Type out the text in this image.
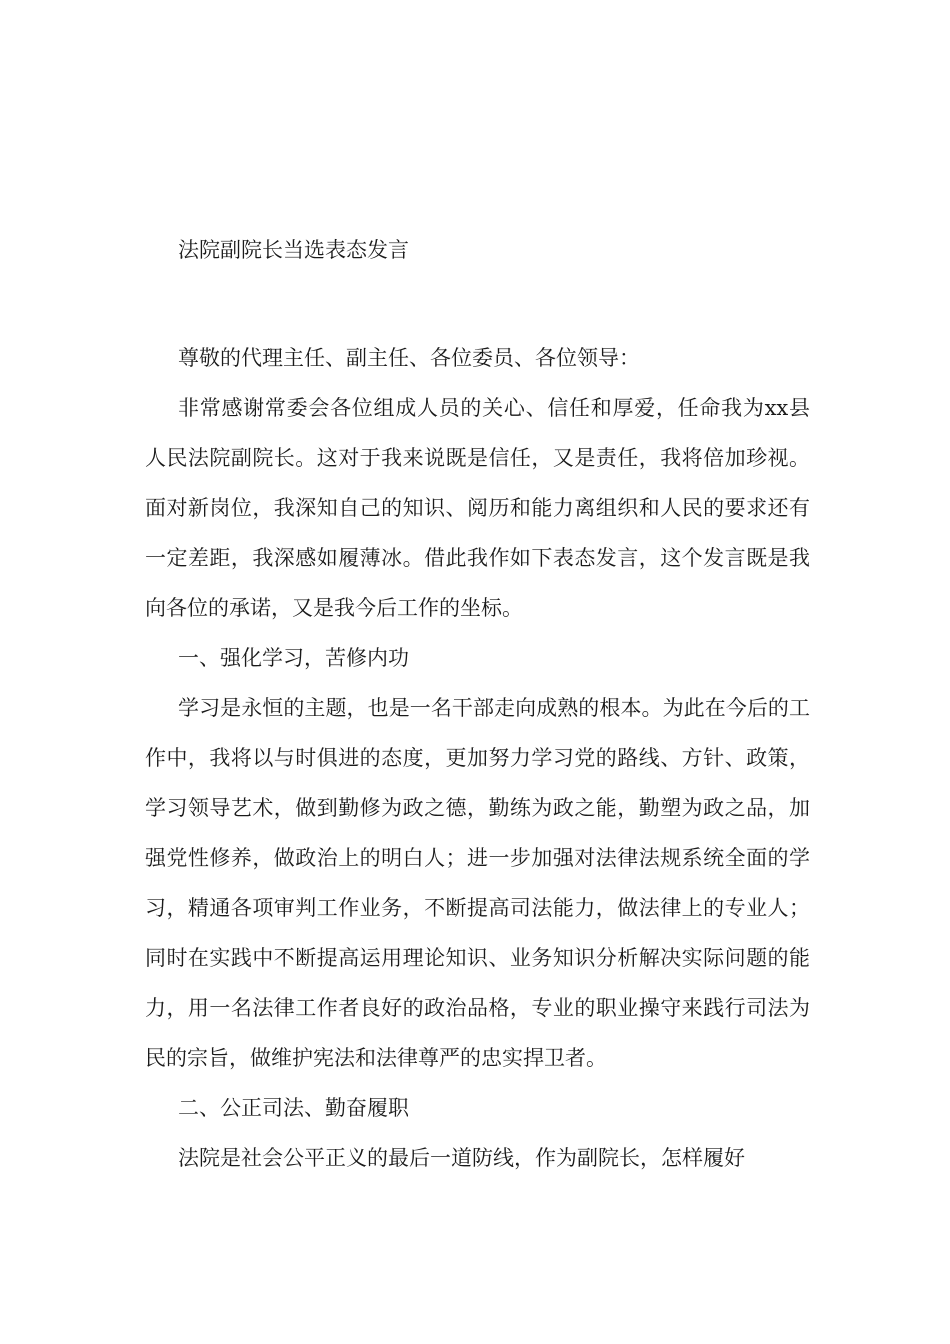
法院副院长当选表态发言

尊敬的代理主任、副主任、各位委员、各位领导：

非常感谢常委会各位组成人员的关心、信任和厚爱，任命我为xx县人民法院副院长。这对于我来说既是信任，又是责任，我将倍加珍视。面对新岗位，我深知自己的知识、阅历和能力离组织和人民的要求还有一定差距，我深感如履薄冰。借此我作如下表态发言，这个发言既是我向各位的承诺，又是我今后工作的坐标。

一、强化学习，苦修内功

学习是永恒的主题，也是一名干部走向成熟的根本。为此在今后的工作中，我将以与时俱进的态度，更加努力学习党的路线、方针、政策，学习领导艺术，做到勤修为政之德，勤练为政之能，勤塑为政之品，加强党性修养，做政治上的明白人；进一步加强对法律法规系统全面的学习，精通各项审判工作业务，不断提高司法能力，做法律上的专业人；同时在实践中不断提高运用理论知识、业务知识分析解决实际问题的能力，用一名法律工作者良好的政治品格，专业的职业操守来践行司法为民的宗旨，做维护宪法和法律尊严的忠实捍卫者。

二、公正司法、勤奋履职

法院是社会公平正义的最后一道防线，作为副院长，怎样履好
